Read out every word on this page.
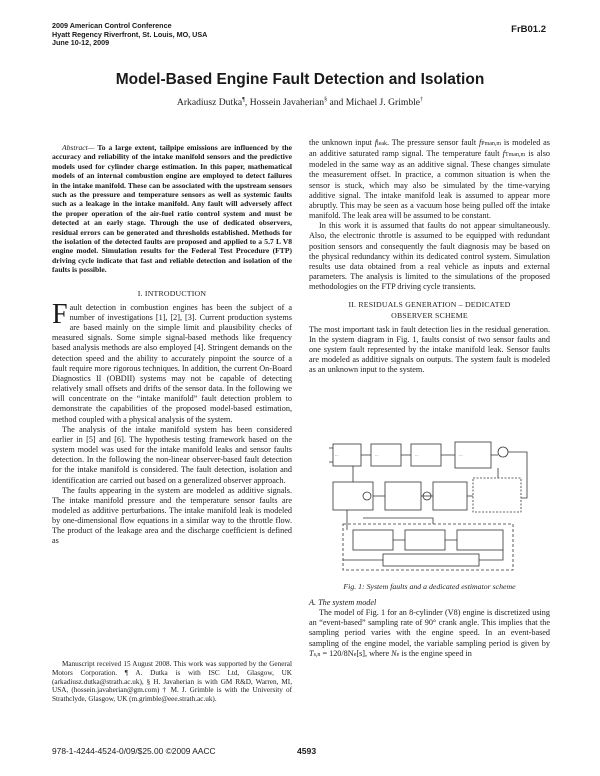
2009 American Control Conference
Hyatt Regency Riverfront, St. Louis, MO, USA
June 10-12, 2009
FrB01.2
Model-Based Engine Fault Detection and Isolation
Arkadiusz Dutka¶, Hossein Javaherian§ and Michael J. Grimble†

Abstract— To a large extent, tailpipe emissions are influenced by the accuracy and reliability of the intake manifold sensors and the predictive models used for cylinder charge estimation. In this paper, mathematical models of an internal combustion engine are employed to detect failures in the intake manifold. These can be associated with the upstream sensors such as the pressure and temperature sensors as well as systemic faults such as a leakage in the intake manifold. Any fault will adversely affect the proper operation of the air-fuel ratio control system and must be detected at an early stage. Through the use of dedicated observers, residual errors can be generated and thresholds established. Methods for the isolation of the detected faults are proposed and applied to a 5.7 L V8 engine model. Simulation results for the Federal Test Procedure (FTP) driving cycle indicate that fast and reliable detection and isolation of the faults is possible.

I. INTRODUCTION

Fault detection in combustion engines has been the subject of a number of investigations [1], [2], [3]. Current production systems are based mainly on the simple limit and plausibility checks of measured signals. Some simple signal-based methods like frequency based analysis methods are also employed [4]. Stringent demands on the detection speed and the ability to accurately pinpoint the source of a fault require more rigorous techniques. In addition, the current On-Board Diagnostics II (OBDII) systems may not be capable of detecting relatively small offsets and drifts of the sensor data. In the following we will concentrate on the “intake manifold” fault detection problem to demonstrate the capabilities of the proposed model-based estimation, method coupled with a physical analysis of the system.

The analysis of the intake manifold system has been considered earlier in [5] and [6]. The hypothesis testing framework based on the system model was used for the intake manifold leaks and sensor faults detection. In the following the non-linear observer-based fault detection for the intake manifold is considered. The fault detection, isolation and identification are carried out based on a generalized observer approach.

The faults appearing in the system are modeled as additive signals. The intake manifold pressure and the temperature sensor faults are modeled as additive perturbations. The intake manifold leak is modeled by one-dimensional flow equations in a similar way to the throttle flow. The product of the leakage area and the discharge coefficient is defined as

Manuscript received 15 August 2008. This work was supported by the General Motors Corporation. ¶ A. Dutka is with ISC Ltd, Glasgow, UK (arkadiusz.dutka@strath.ac.uk), § H. Javaherian is with GM R&D, Warren, MI, USA, (hossein.javaherian@gm.com) † M. J. Grimble is with the University of Strathclyde, Glasgow, UK (m.grimble@eee.strath.ac.uk).

the unknown input fleak. The pressure sensor fault fPman,m is modeled as an additive saturated ramp signal. The temperature fault fTman,m is also modeled in the same way as an additive signal. These changes simulate the measurement offset. In practice, a common situation is when the sensor is stuck, which may also be simulated by the time-varying additive signal. The intake manifold leak is assumed to appear more abruptly. This may be seen as a vacuum hose being pulled off the intake manifold. The leak area will be assumed to be constant.

In this work it is assumed that faults do not appear simultaneously. Also, the electronic throttle is assumed to be equipped with redundant position sensors and consequently the fault diagnosis may be based on the physical redundancy within its dedicated control system. Simulation results use data obtained from a real vehicle as inputs and external parameters. The analysis is limited to the simulations of the proposed methodologies on the FTP driving cycle transients.

II. RESIDUALS GENERATION – DEDICATED OBSERVER SCHEME

The most important task in fault detection lies in the residual generation. In the system diagram in Fig. 1, faults consist of two sensor faults and one system fault represented by the intake manifold leak. Sensor faults are modeled as additive signals on outputs. The system fault is modeled as an unknown input to the system.

...	...	...	...
Fig. 1: System faults and a dedicated estimator scheme

A. The system model

The model of Fig. 1 for an 8-cylinder (V8) engine is discretized using an “event-based” sampling rate of 90° crank angle. This implies that the sampling period varies with the engine speed. In an event-based sampling of the engine model, the variable sampling period is given by Ts,n = 120/8Ne[s], where Ne is the engine speed in

978-1-4244-4524-0/09/$25.00 ©2009 AACC	4593
